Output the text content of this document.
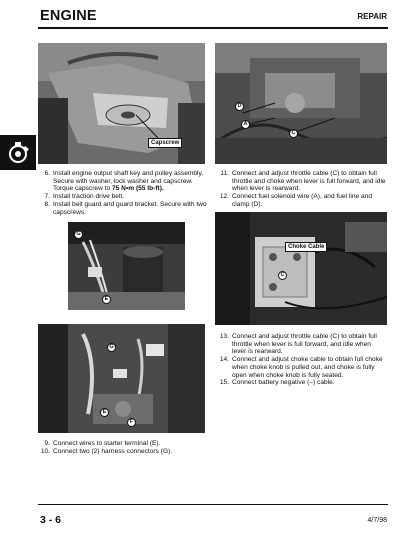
ENGINE	REPAIR
Capscrew
D
A
C
6. Install engine output shaft key and pulley assembly. Secure with washer, lock washer and capscrew. Torque capscrew to 75 N•m (55 lb-ft).
7. Install traction drive belt.
8. Install belt guard and guard bracket. Secure with two capscrews.
11. Connect and adjust throttle cable (C) to obtain full throttle and choke when lever is full forward, and idle when lever is rearward.
12. Connect fuel solenoid wire (A), and fuel line and clamp (D).
G
E
Choke Cable
C
G
E
F
13. Connect and adjust throttle cable (C) to obtain full throttle when lever is full forward, and idle when lever is rearward.
14. Connect and adjust choke cable to obtain full choke when choke knob is pulled out, and choke is fully open when choke knob is fully seated.
15. Connect battery negative (–) cable.
9. Connect wires to starter terminal (E).
10. Connect two (2) harness connectors (G).
3 - 6	4/7/98
